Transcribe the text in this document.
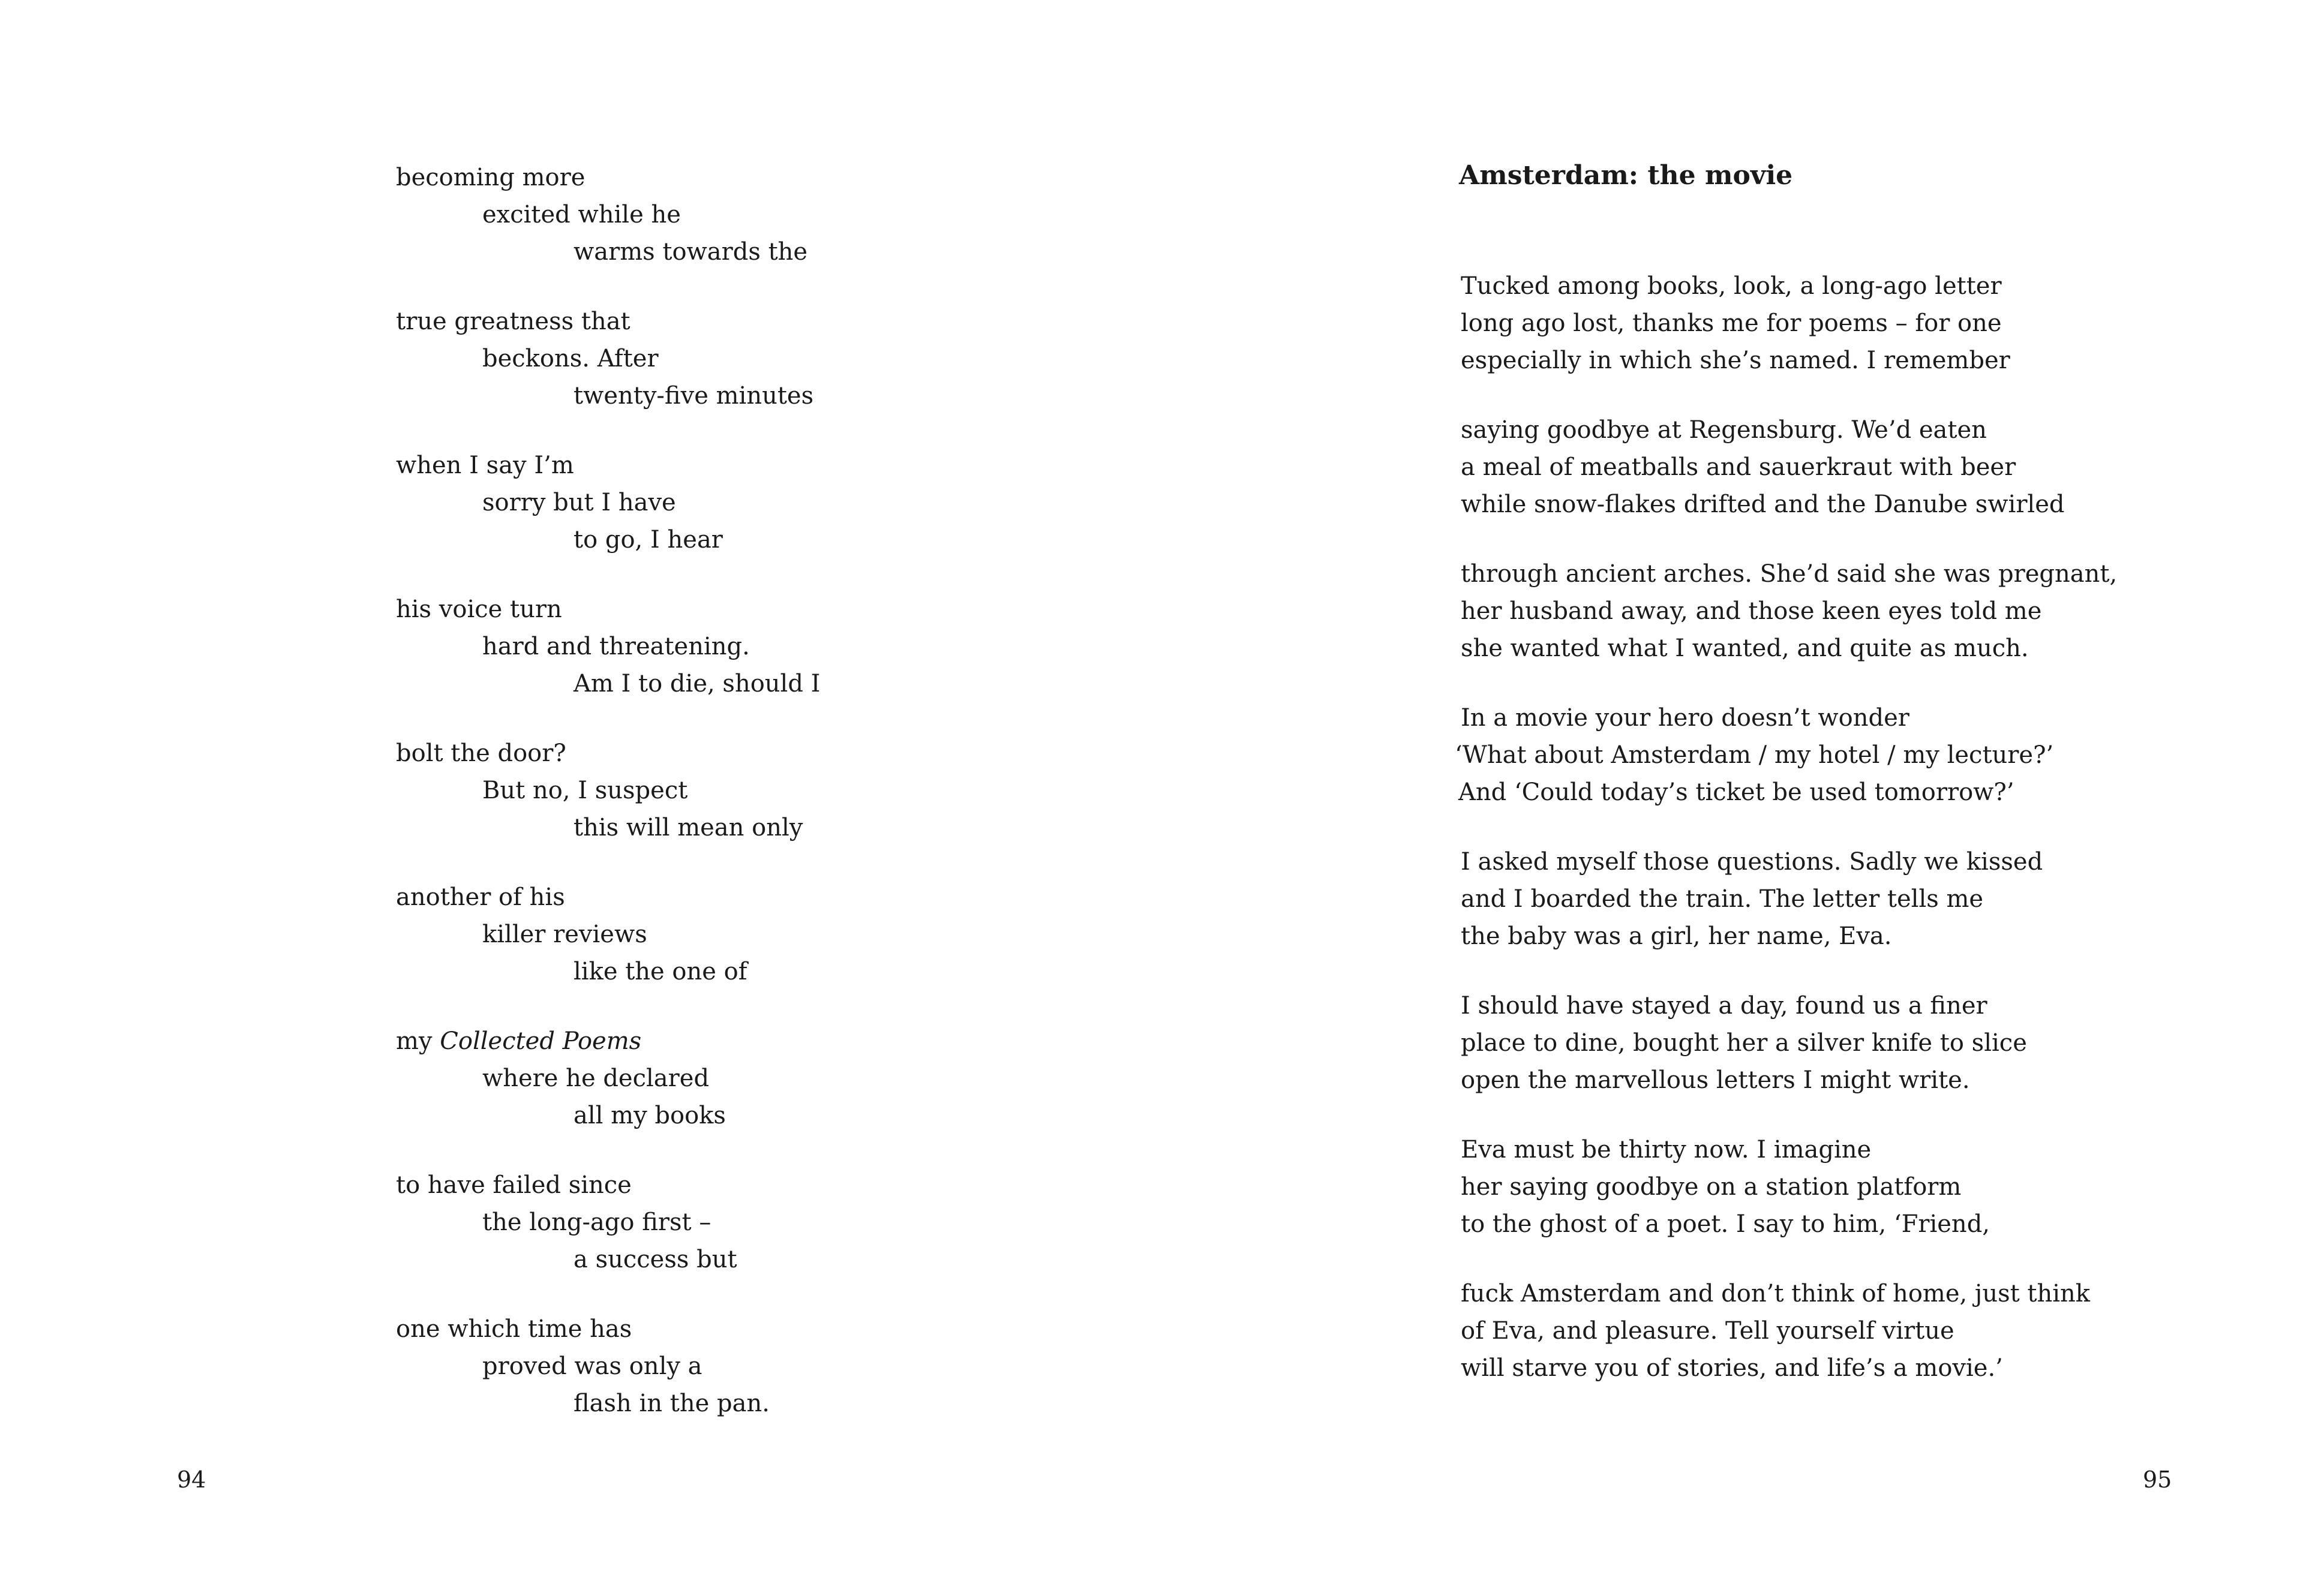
becoming more
excited while he
warms towards the
true greatness that
beckons. After
twenty-five minutes
when I say I’m
sorry but I have
to go, I hear
his voice turn
hard and threatening.
Am I to die, should I
bolt the door?
But no, I suspect
this will mean only
another of his
killer reviews
like the one of
my Collected Poems
where he declared
all my books
to have failed since
the long-ago first –
a success but
one which time has
proved was only a
flash in the pan.
94
Amsterdam: the movie
Tucked among books, look, a long-ago letter
long ago lost, thanks me for poems – for one
especially in which she’s named. I remember
saying goodbye at Regensburg. We’d eaten
a meal of meatballs and sauerkraut with beer
while snow-flakes drifted and the Danube swirled
through ancient arches. She’d said she was pregnant,
her husband away, and those keen eyes told me
she wanted what I wanted, and quite as much.
In a movie your hero doesn’t wonder
‘What about Amsterdam / my hotel / my lecture?’
And ‘Could today’s ticket be used tomorrow?’
I asked myself those questions. Sadly we kissed
and I boarded the train. The letter tells me
the baby was a girl, her name, Eva.
I should have stayed a day, found us a finer
place to dine, bought her a silver knife to slice
open the marvellous letters I might write.
Eva must be thirty now. I imagine
her saying goodbye on a station platform
to the ghost of a poet. I say to him, ‘Friend,
fuck Amsterdam and don’t think of home, just think
of Eva, and pleasure. Tell yourself virtue
will starve you of stories, and life’s a movie.’
95
